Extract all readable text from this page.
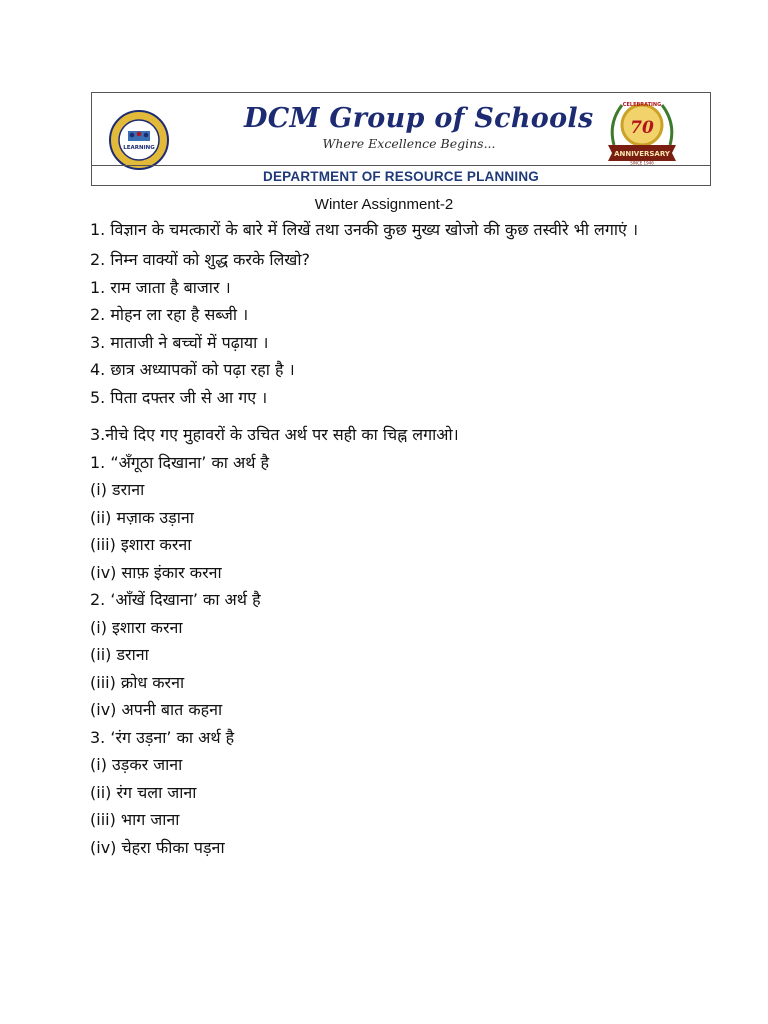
LEARNING
DCM Group of Schools
Where Excellence Begins...
CELEBRATING
70
ANNIVERSARY
SINCE 1946
DEPARTMENT OF RESOURCE PLANNING
Winter Assignment-2
1. विज्ञान के चमत्कारों के बारे में लिखें तथा उनकी कुछ मुख्य खोजो की कुछ तस्वीरे भी लगाएं ।
2. निम्न वाक्यों को शुद्ध करके लिखो?
1. राम जाता है बाजार ।
2. मोहन ला रहा है सब्जी ।
3. माताजी ने बच्चों में पढ़ाया ।
4. छात्र अध्यापकों को पढ़ा रहा है ।
5. पिता दफ्तर जी से आ गए ।
3.नीचे दिए गए मुहावरों के उचित अर्थ पर सही का चिह्न लगाओ।
1. “अँगूठा दिखाना’ का अर्थ है
(i) डराना
(ii) मज़ाक उड़ाना
(iii) इशारा करना
(iv) साफ़ इंकार करना
2. ‘आँखें दिखाना’ का अर्थ है
(i) इशारा करना
(ii) डराना
(iii) क्रोध करना
(iv) अपनी बात कहना
3. ‘रंग उड़ना’ का अर्थ है
(i) उड़कर जाना
(ii) रंग चला जाना
(iii) भाग जाना
(iv) चेहरा फीका पड़ना
